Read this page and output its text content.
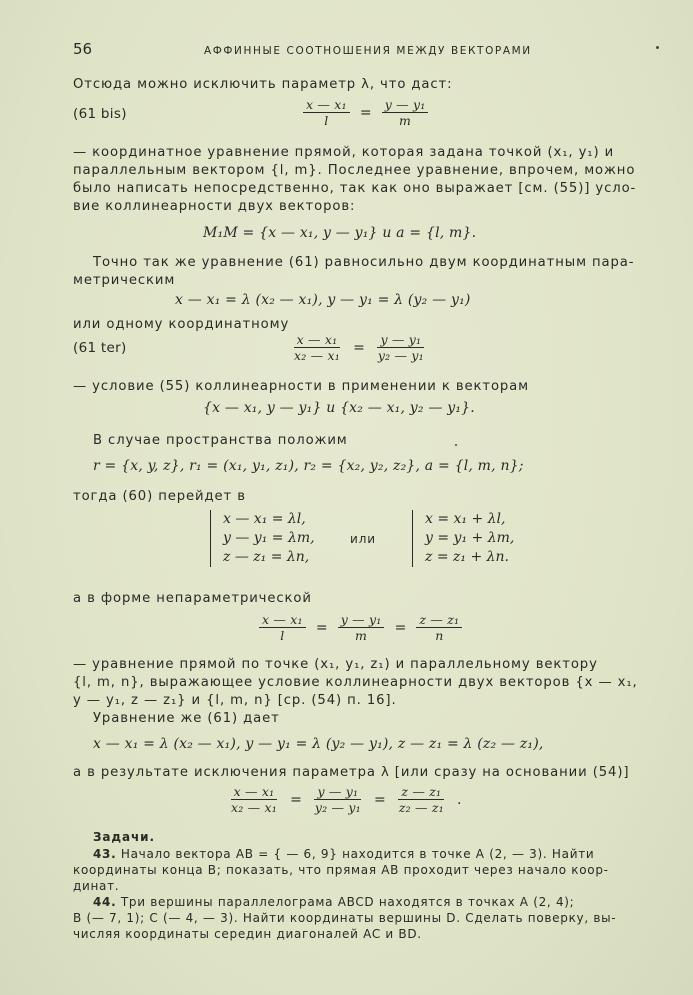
56	АФФИННЫЕ СООТНОШЕНИЯ МЕЖДУ ВЕКТОРАМИ
Отсюда можно исключить параметр λ, что даст:
(61 bis)	$\frac{\text{x — x₁}}{l} = \frac{\text{y — y₁}}{m}$
— координатное уравнение прямой, которая задана точкой (x₁, y₁) и
параллельным вектором {l, m}. Последнее уравнение, впрочем, можно
было написать непосредственно, так как оно выражает [см. (55)] усло-
вие коллинеарности двух векторов:
M₁M = {x — x₁, y — y₁} и a = {l, m}.
Точно так же уравнение (61) равносильно двум координатным пара-
метрическим
x — x₁ = λ (x₂ — x₁), y — y₁ = λ (y₂ — y₁)
или одному координатному
(61 ter)	$\frac{\text{x — x₁}}{\text{x₂ — x₁}} = \frac{\text{y — y₁}}{\text{y₂ — y₁}}$
— условие (55) коллинеарности в применении к векторам
{x — x₁, y — y₁} и {x₂ — x₁, y₂ — y₁}.
В случае пространства положим
r = {x, y, z}, r₁ = (x₁, y₁, z₁), r₂ = {x₂, y₂, z₂}, a = {l, m, n};
тогда (60) перейдет в
x — x₁ = λl,
y — y₁ = λm,
z — z₁ = λn,
или
x = x₁ + λl,
y = y₁ + λm,
z = z₁ + λn.
а в форме непараметрической
$\frac{\text{x — x₁}}{l} = \frac{\text{y — y₁}}{m} = \frac{\text{z — z₁}}{n}$
— уравнение прямой по точке (x₁, y₁, z₁) и параллельному вектору
{l, m, n}, выражающее условие коллинеарности двух векторов {x — x₁,
y — y₁, z — z₁} и {l, m, n} [ср. (54) п. 16].
Уравнение же (61) дает
x — x₁ = λ (x₂ — x₁), y — y₁ = λ (y₂ — y₁), z — z₁ = λ (z₂ — z₁),
а в результате исключения параметра λ [или сразу на основании (54)]
$\frac{\text{x — x₁}}{\text{x₂ — x₁}} = \frac{\text{y — y₁}}{\text{y₂ — y₁}} = \frac{\text{z — z₁}}{\text{z₂ — z₁}}$ .
Задачи.
43. Начало вектора AB = { — 6, 9} находится в точке A (2, — 3). Найти
координаты конца B; показать, что прямая AB проходит через начало коор-
динат.
44. Три вершины параллелограма ABCD находятся в точках A (2, 4);
B (— 7, 1); C (— 4, — 3). Найти координаты вершины D. Сделать поверку, вы-
числяя координаты середин диагоналей AC и BD.
